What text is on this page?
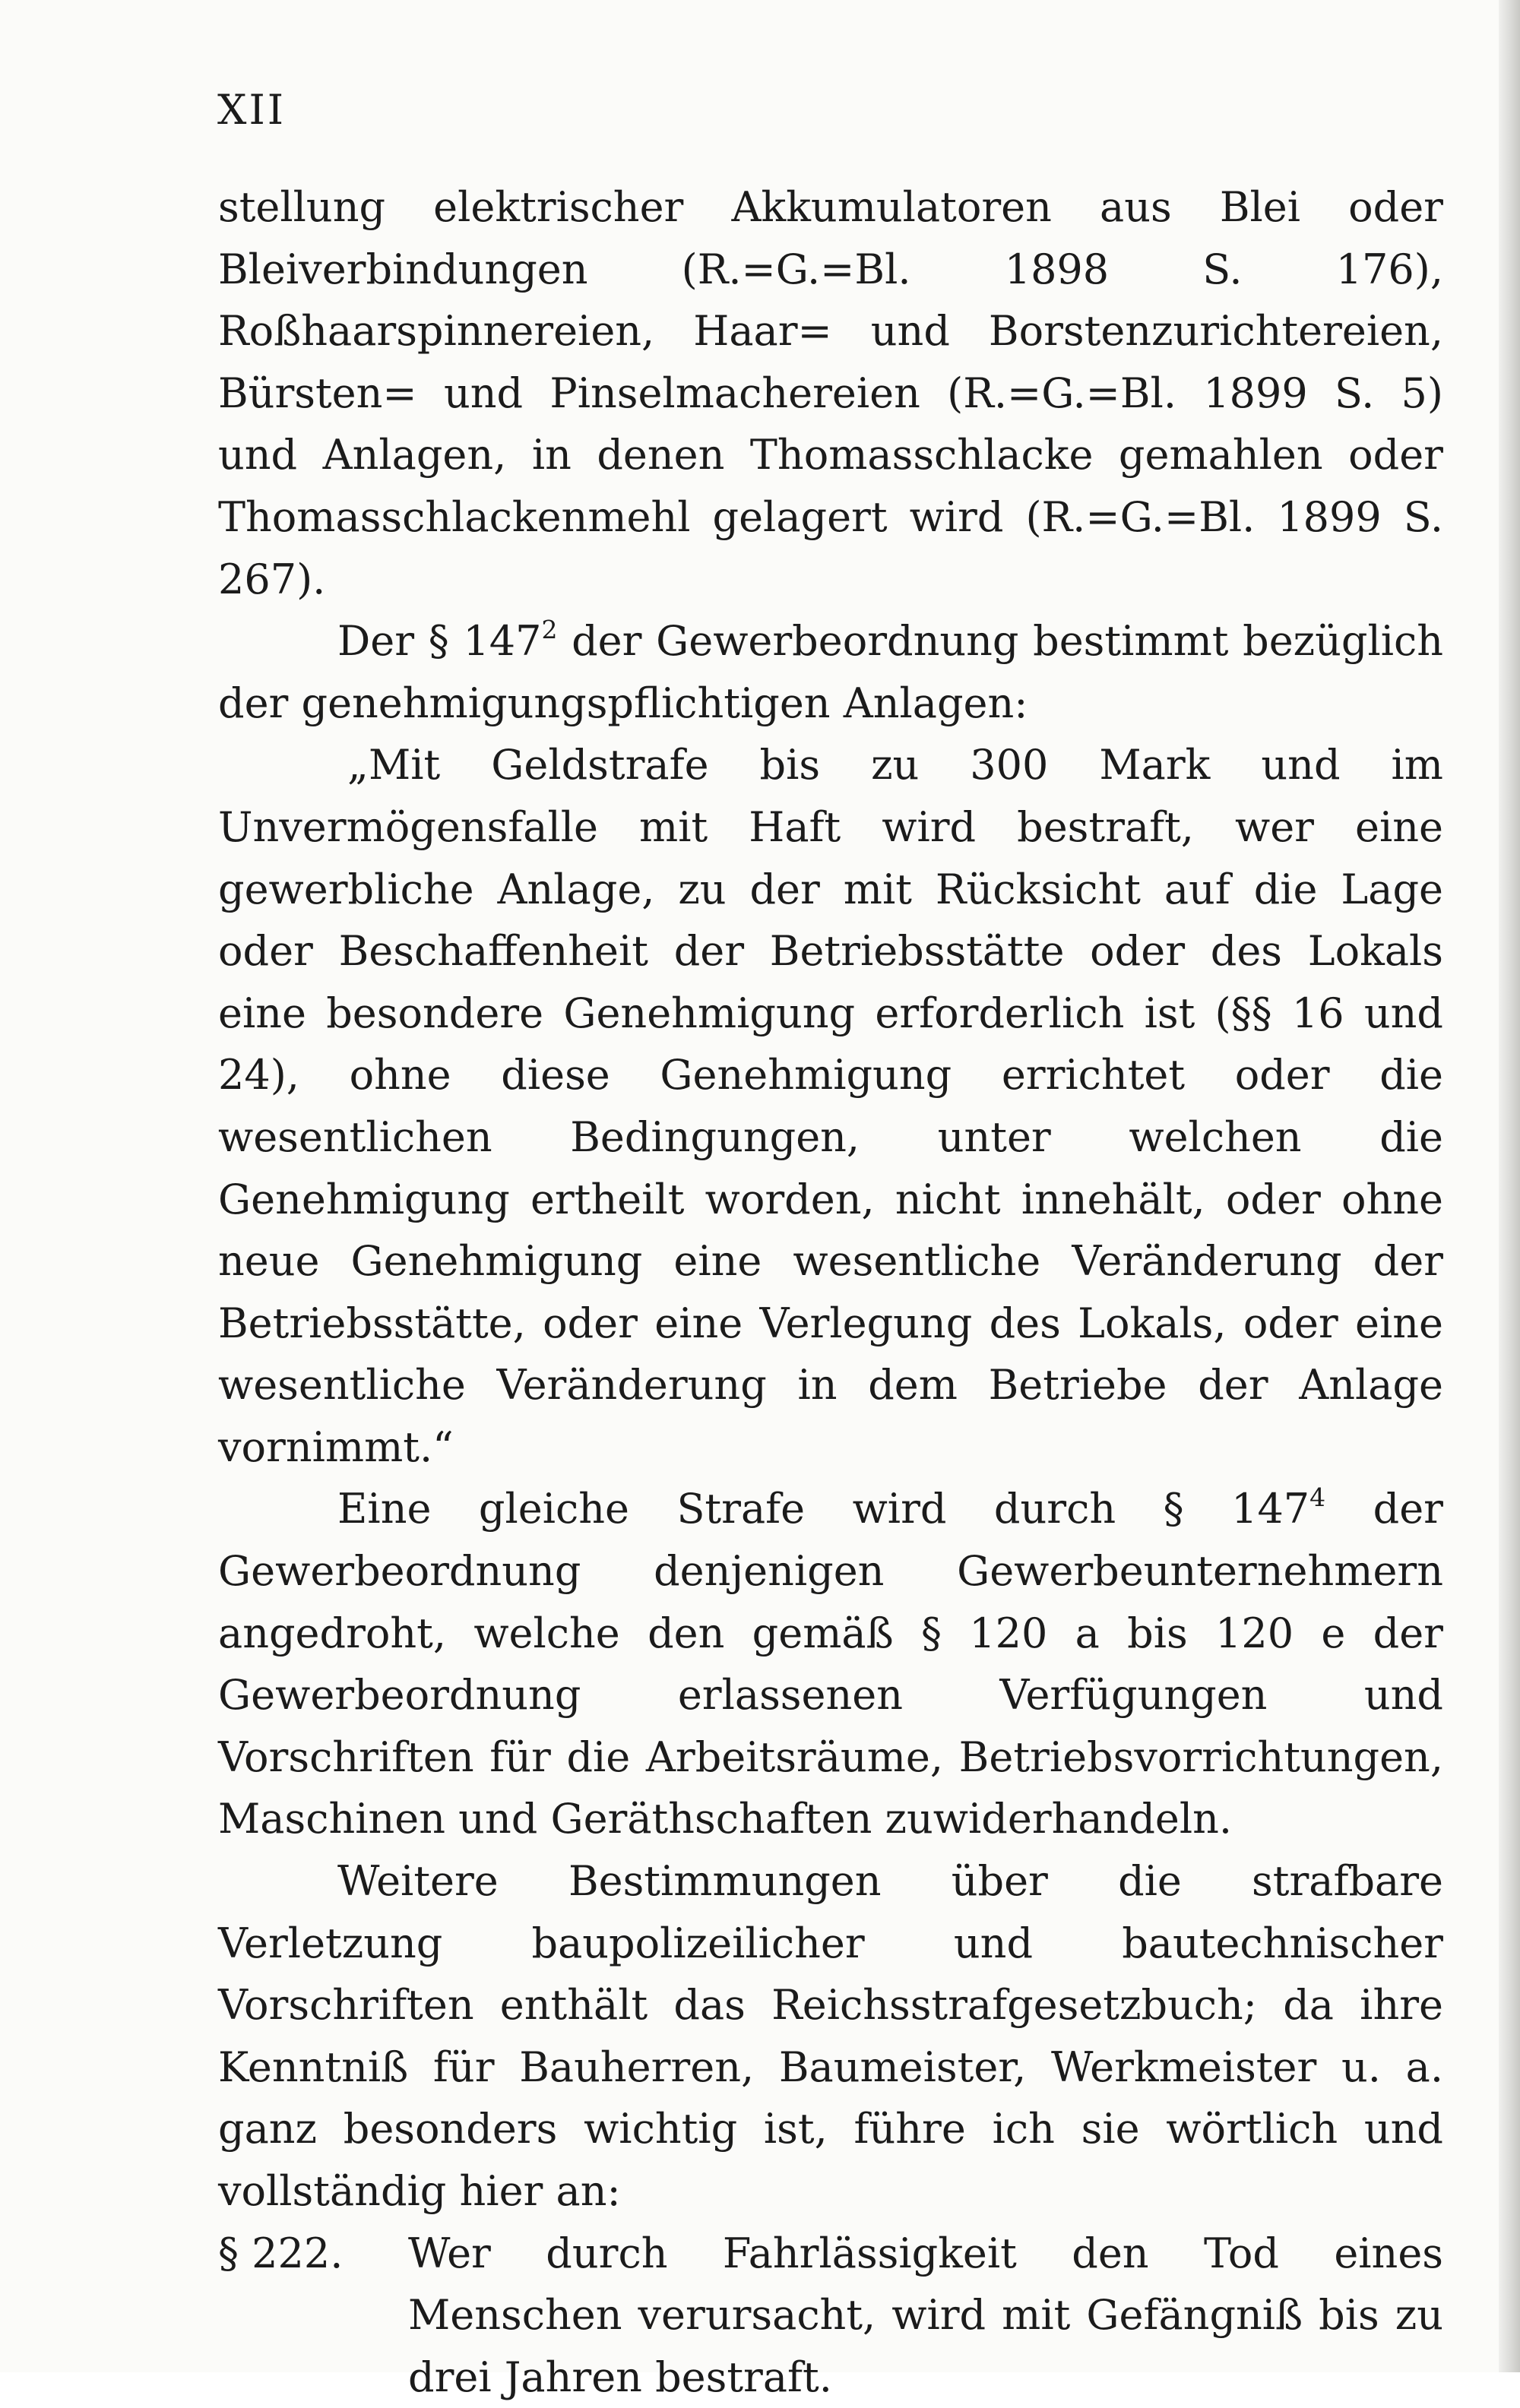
XII

stellung elektrischer Akkumulatoren aus Blei oder Bleiverbindungen (R.=G.=Bl. 1898 S. 176), Roßhaarspinnereien, Haar= und Borstenzurichtereien, Bürsten= und Pinselmachereien (R.=G.=Bl. 1899 S. 5) und Anlagen, in denen Thomasschlacke gemahlen oder Thomasschlackenmehl gelagert wird (R.=G.=Bl. 1899 S. 267).

Der § $147^2$ der Gewerbeordnung bestimmt bezüglich der genehmigungspflichtigen Anlagen:

„Mit Geldstrafe bis zu 300 Mark und im Unvermögensfalle mit Haft wird bestraft, wer eine gewerbliche Anlage, zu der mit Rücksicht auf die Lage oder Beschaffenheit der Betriebsstätte oder des Lokals eine besondere Genehmigung erforderlich ist (§§ 16 und 24), ohne diese Genehmigung errichtet oder die wesentlichen Bedingungen, unter welchen die Genehmigung ertheilt worden, nicht innehält, oder ohne neue Genehmigung eine wesentliche Veränderung der Betriebsstätte, oder eine Verlegung des Lokals, oder eine wesentliche Veränderung in dem Betriebe der Anlage vornimmt.“

Eine gleiche Strafe wird durch § $147^4$ der Gewerbeordnung denjenigen Gewerbeunternehmern angedroht, welche den gemäß § 120 a bis 120 e der Gewerbeordnung erlassenen Verfügungen und Vorschriften für die Arbeitsräume, Betriebsvorrichtungen, Maschinen und Geräthschaften zuwiderhandeln.

Weitere Bestimmungen über die strafbare Verletzung baupolizeilicher und bautechnischer Vorschriften enthält das Reichsstrafgesetzbuch; da ihre Kenntniß für Bauherren, Baumeister, Werkmeister u. a. ganz besonders wichtig ist, führe ich sie wörtlich und vollständig hier an:

§ 222.	Wer durch Fahrlässigkeit den Tod eines Menschen verursacht, wird mit Gefängniß bis zu drei Jahren bestraft.
